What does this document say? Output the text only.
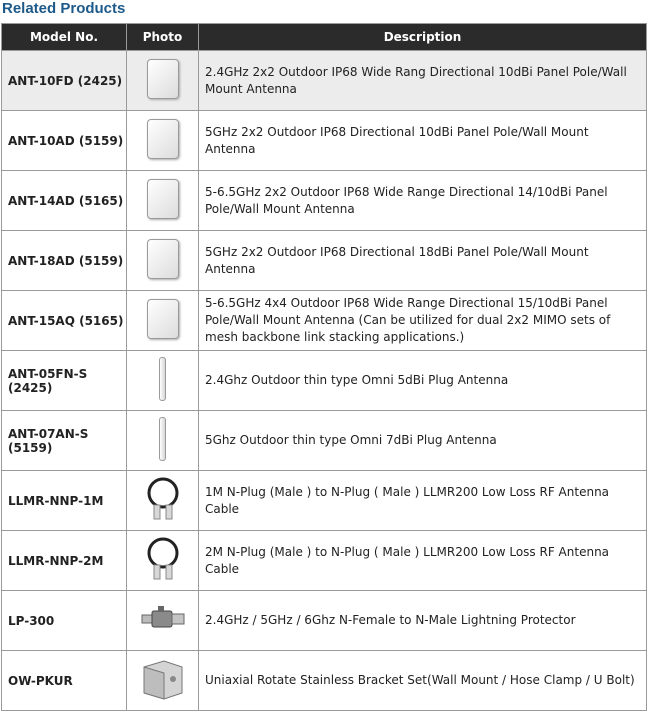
Related Products
Model No.	Photo	Description
ANT-10FD (2425)		2.4GHz 2x2 Outdoor IP68 Wide Rang Directional 10dBi Panel Pole/Wall Mount Antenna
ANT-10AD (5159)		5GHz 2x2 Outdoor IP68 Directional 10dBi Panel Pole/Wall Mount Antenna
ANT-14AD (5165)		5-6.5GHz 2x2 Outdoor IP68 Wide Range Directional 14/10dBi Panel Pole/Wall Mount Antenna
ANT-18AD (5159)		5GHz 2x2 Outdoor IP68 Directional 18dBi Panel Pole/Wall Mount Antenna
ANT-15AQ (5165)		5-6.5GHz 4x4 Outdoor IP68 Wide Range Directional 15/10dBi Panel Pole/Wall Mount Antenna (Can be utilized for dual 2x2 MIMO sets of mesh backbone link stacking applications.)
ANT-05FN-S (2425)		2.4Ghz Outdoor thin type Omni 5dBi Plug Antenna
ANT-07AN-S (5159)		5Ghz Outdoor thin type Omni 7dBi Plug Antenna
LLMR-NNP-1M		1M N-Plug (Male ) to N-Plug ( Male ) LLMR200 Low Loss RF Antenna Cable
LLMR-NNP-2M		2M N-Plug (Male ) to N-Plug ( Male ) LLMR200 Low Loss RF Antenna Cable
LP-300		2.4GHz / 5GHz / 6Ghz N-Female to N-Male Lightning Protector
OW-PKUR		Uniaxial Rotate Stainless Bracket Set(Wall Mount / Hose Clamp / U Bolt)
